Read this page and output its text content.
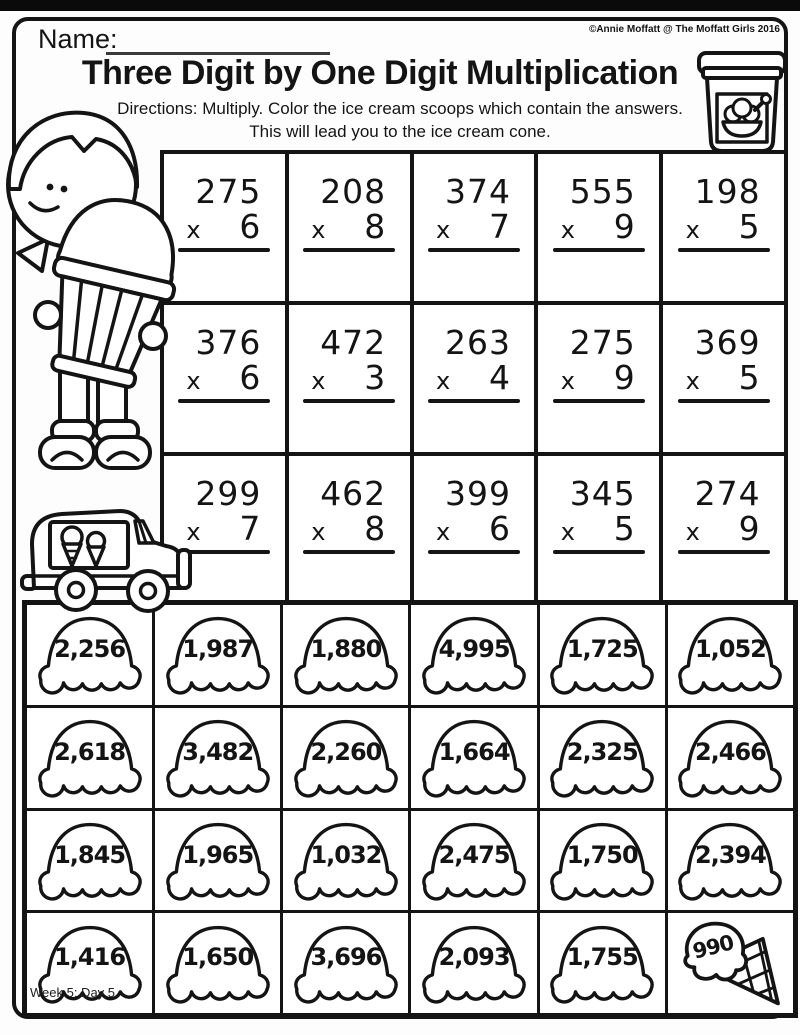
Name:	©Annie Moffatt @ The Moffatt Girls 2016
Three Digit by One Digit Multiplication
Directions: Multiply. Color the ice cream scoops which contain the answers.
This will lead you to the ice cream cone.
275
x 6
208
x 8
374
x 7
555
x 9
198
x 5
376
x 6
472
x 3
263
x 4
275
x 9
369
x 5
299
x 7
462
x 8
399
x 6
345
x 5
274
x 9
2,256	1,987	1,880	4,995	1,725	1,052
2,618	3,482	2,260	1,664	2,325	2,466
1,845	1,965	1,032	2,475	1,750	2,394
1,416	1,650	3,696	2,093	1,755	990
Week 5: Day 5
